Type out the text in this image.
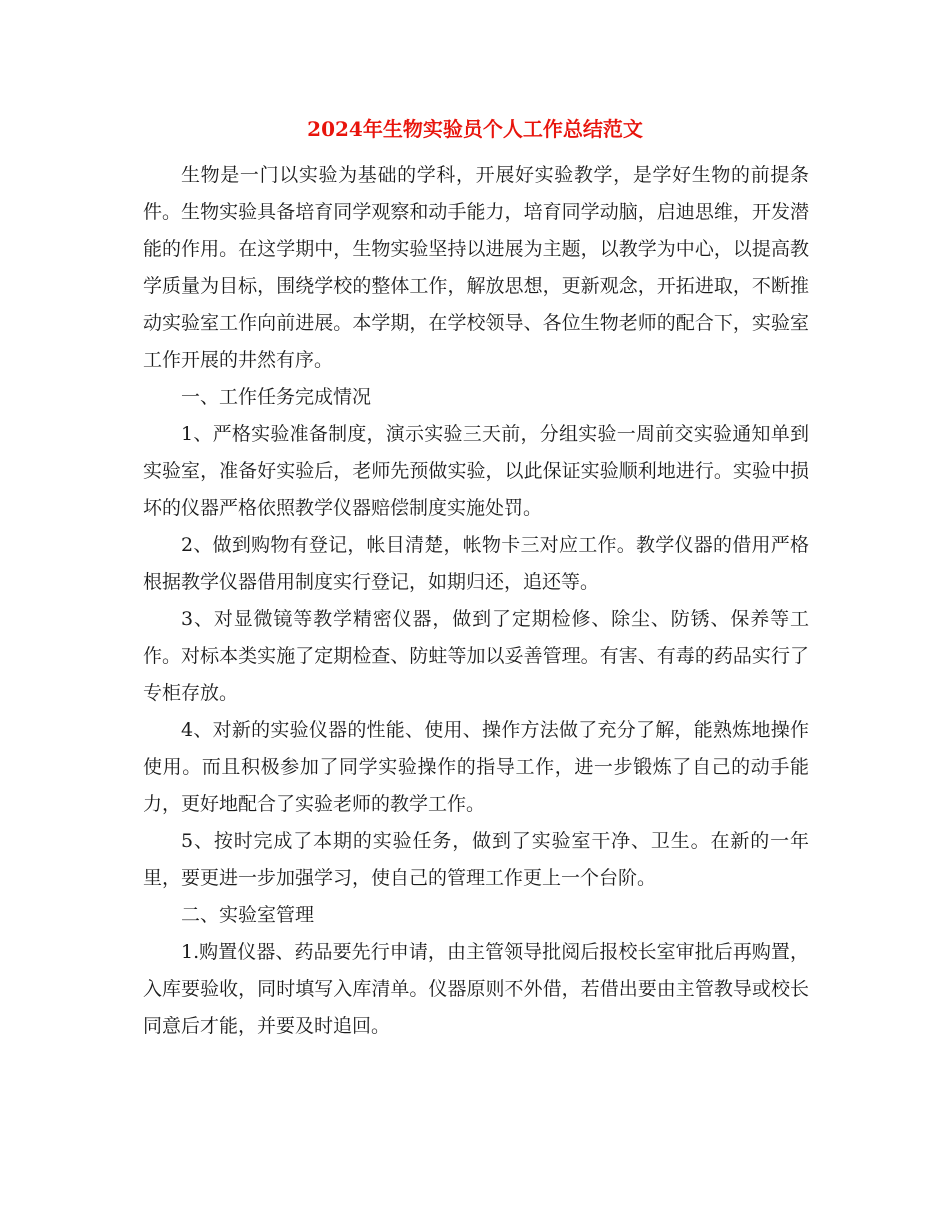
2024年生物实验员个人工作总结范文

生物是一门以实验为基础的学科，开展好实验教学，是学好生物的前提条件。生物实验具备培育同学观察和动手能力，培育同学动脑，启迪思维，开发潜能的作用。在这学期中，生物实验坚持以进展为主题，以教学为中心，以提高教学质量为目标，围绕学校的整体工作，解放思想，更新观念，开拓进取，不断推动实验室工作向前进展。本学期，在学校领导、各位生物老师的配合下，实验室工作开展的井然有序。

一、工作任务完成情况

1、严格实验准备制度，演示实验三天前，分组实验一周前交实验通知单到实验室，准备好实验后，老师先预做实验，以此保证实验顺利地进行。实验中损坏的仪器严格依照教学仪器赔偿制度实施处罚。

2、做到购物有登记，帐目清楚，帐物卡三对应工作。教学仪器的借用严格根据教学仪器借用制度实行登记，如期归还，追还等。

3、对显微镜等教学精密仪器，做到了定期检修、除尘、防锈、保养等工作。对标本类实施了定期检查、防蛀等加以妥善管理。有害、有毒的药品实行了专柜存放。

4、对新的实验仪器的性能、使用、操作方法做了充分了解，能熟炼地操作使用。而且积极参加了同学实验操作的指导工作，进一步锻炼了自己的动手能力，更好地配合了实验老师的教学工作。

5、按时完成了本期的实验任务，做到了实验室干净、卫生。在新的一年里，要更进一步加强学习，使自己的管理工作更上一个台阶。

二、实验室管理

1.购置仪器、药品要先行申请，由主管领导批阅后报校长室审批后再购置，入库要验收，同时填写入库清单。仪器原则不外借，若借出要由主管教导或校长同意后才能，并要及时追回。
